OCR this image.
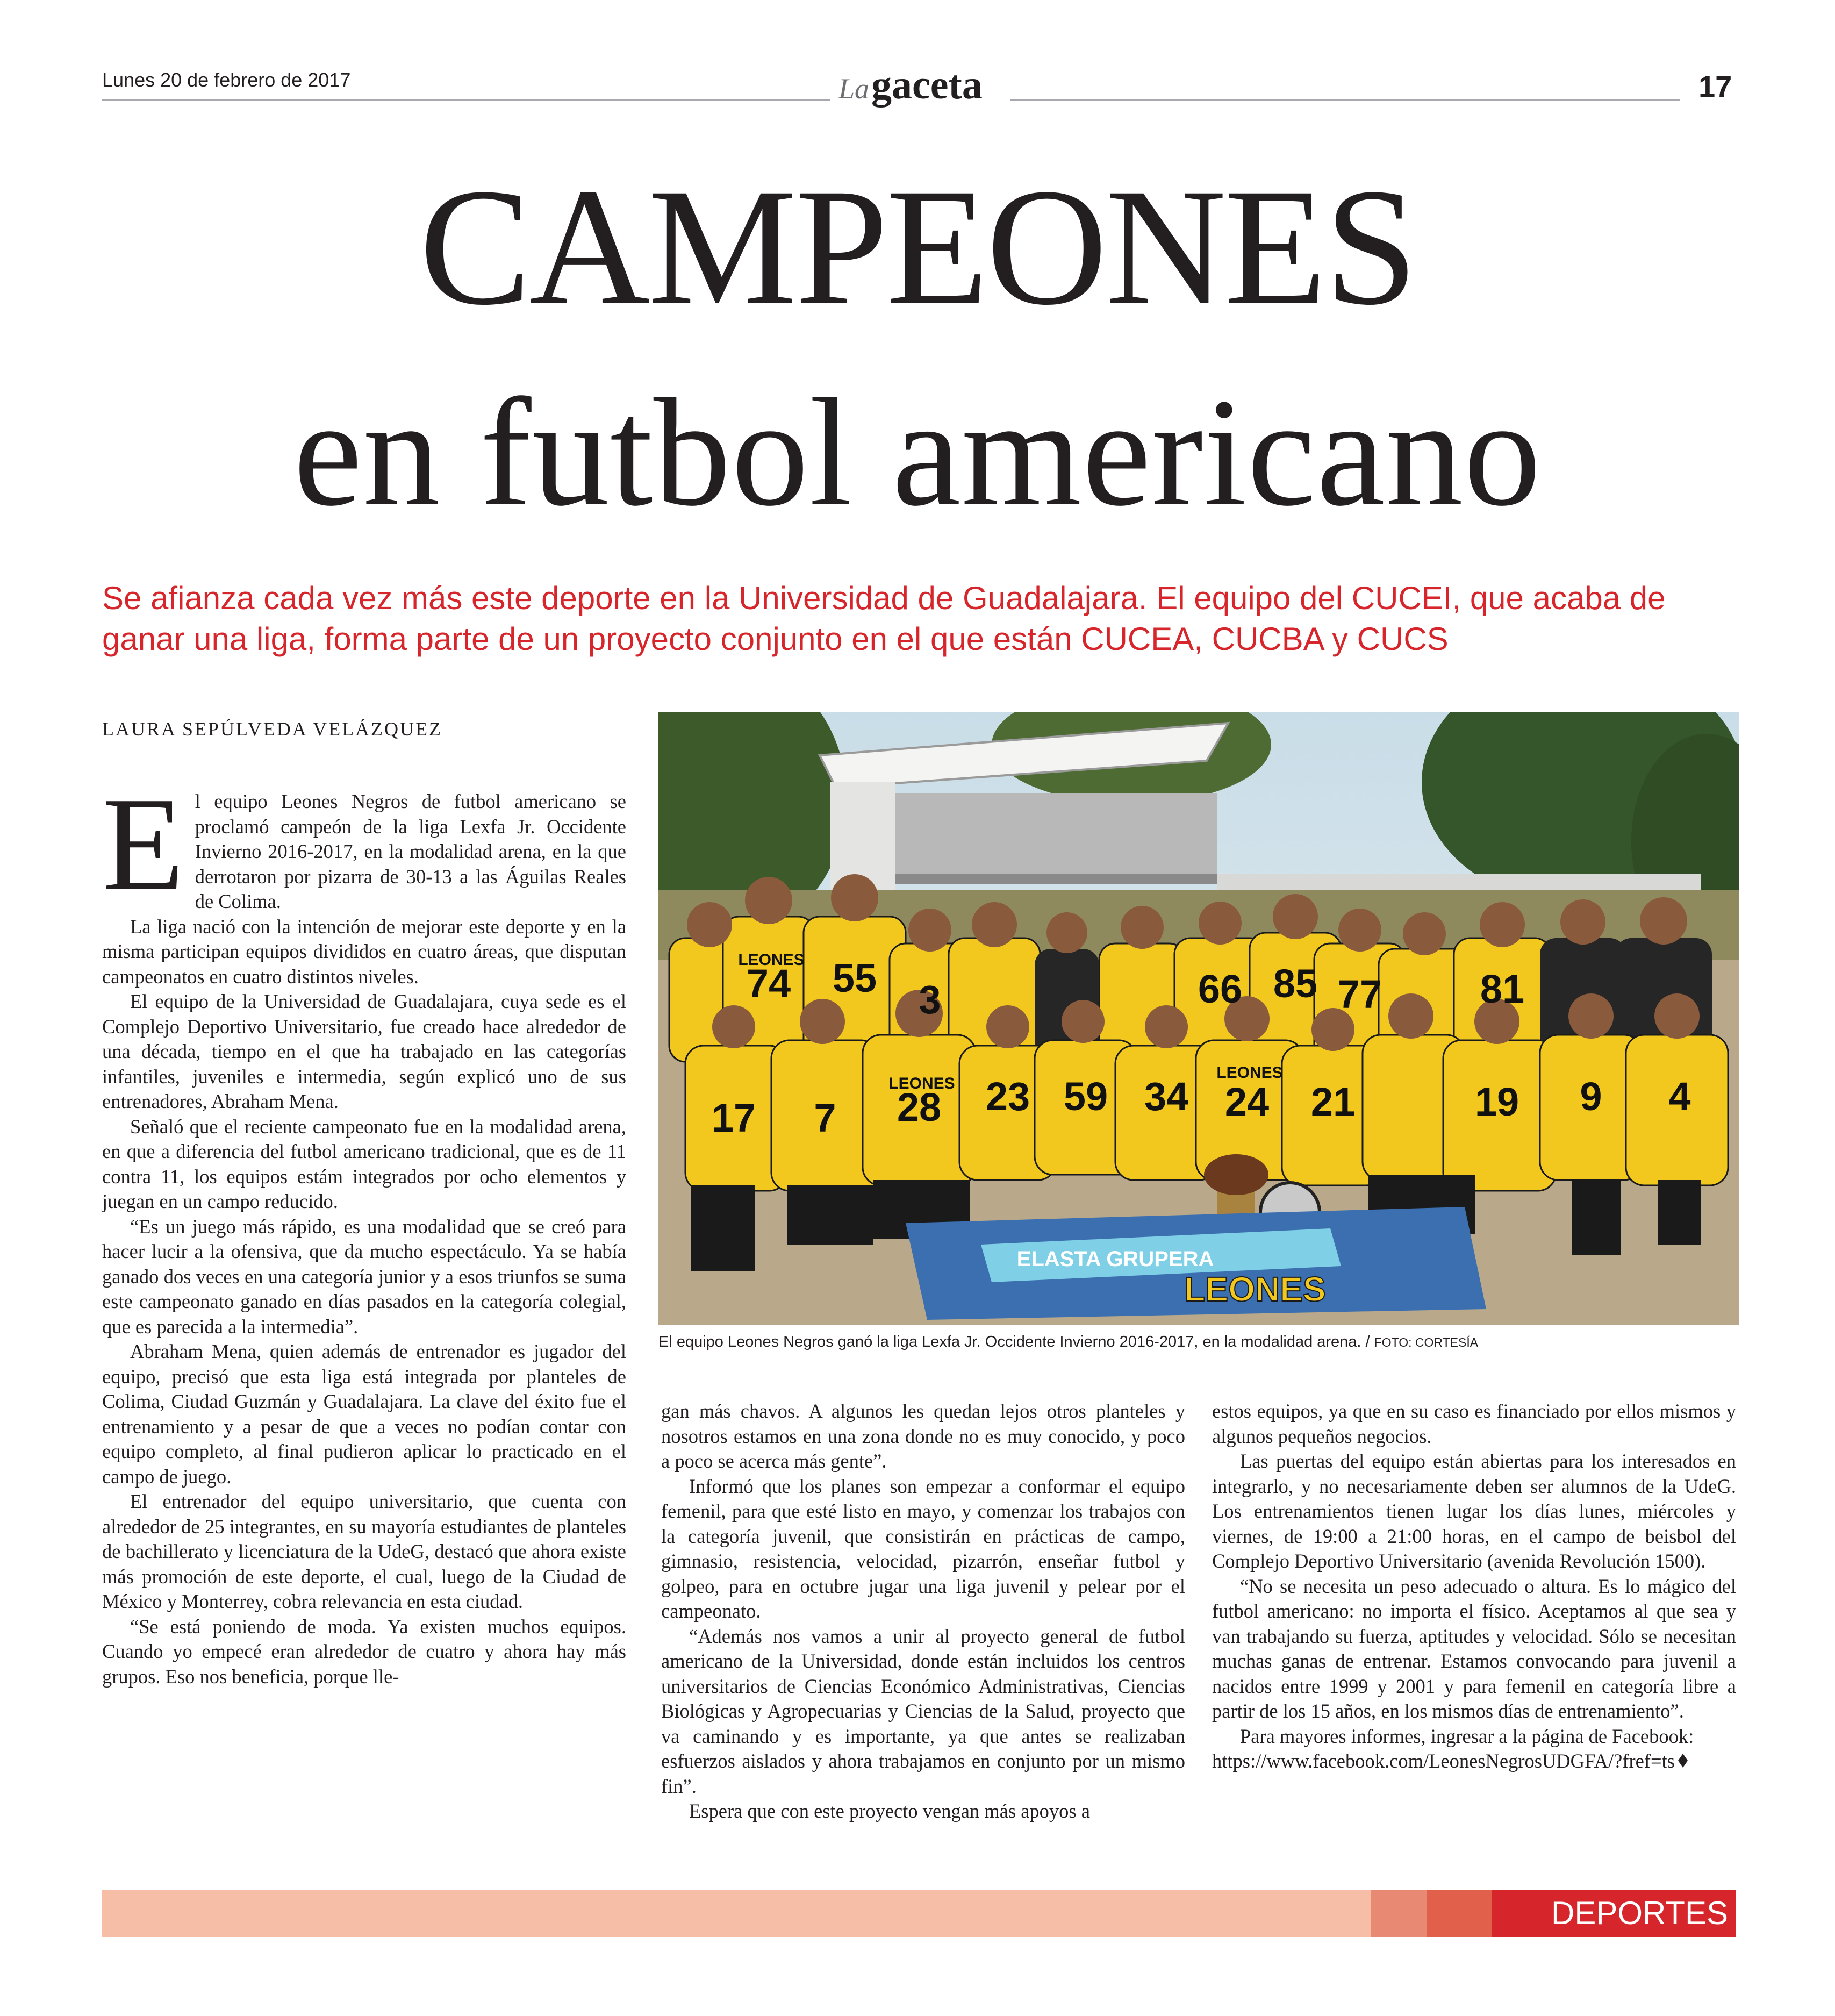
Lunes 20 de febrero de 2017	La gaceta	17
CAMPEONES
en futbol americano
Se afianza cada vez más este deporte en la Universidad de Guadalajara. El equipo del CUCEI, que acaba de ganar una liga, forma parte de un proyecto conjunto en el que están CUCEA, CUCBA y CUCS
LAURA SEPÚLVEDA VELÁZQUEZ
E l equipo Leones Negros de futbol americano se proclamó campeón de la liga Lexfa Jr. Occidente Invierno 2016-2017, en la modalidad arena, en la que derrotaron por pizarra de 30-13 a las Águilas Reales de Colima.

La liga nació con la intención de mejorar este deporte y en la misma participan equipos divididos en cuatro áreas, que disputan campeonatos en cuatro distintos niveles.

El equipo de la Universidad de Guadalajara, cuya sede es el Complejo Deportivo Universitario, fue creado hace alrededor de una década, tiempo en el que ha trabajado en las categorías infantiles, juveniles e intermedia, según explicó uno de sus entrenadores, Abraham Mena.

Señaló que el reciente campeonato fue en la modalidad arena, en que a diferencia del futbol americano tradicional, que es de 11 contra 11, los equipos estám integrados por ocho elementos y juegan en un campo reducido.

“Es un juego más rápido, es una modalidad que se creó para hacer lucir a la ofensiva, que da mucho espectáculo. Ya se había ganado dos veces en una categoría junior y a esos triunfos se suma este campeonato ganado en días pasados en la categoría colegial, que es parecida a la intermedia”.

Abraham Mena, quien además de entrenador es jugador del equipo, precisó que esta liga está integrada por planteles de Colima, Ciudad Guzmán y Guadalajara. La clave del éxito fue el entrenamiento y a pesar de que a veces no podían contar con equipo completo, al final pudieron aplicar lo practicado en el campo de juego.

El entrenador del equipo universitario, que cuenta con alrededor de 25 integrantes, en su mayoría estudiantes de planteles de bachillerato y licenciatura de la UdeG, destacó que ahora existe más promoción de este deporte, el cual, luego de la Ciudad de México y Monterrey, cobra relevancia en esta ciudad.

“Se está poniendo de moda. Ya existen muchos equipos. Cuando yo empecé eran alrededor de cuatro y ahora hay más grupos. Eso nos beneficia, porque lle-

74 55 3	66 85 77 81
17 7 28 23 59 34 24 21	19 9 4
LEONES
LEONES
LEONES
ELASTA GRUPERA
LEONES
El equipo Leones Negros ganó la liga Lexfa Jr. Occidente Invierno 2016-2017, en la modalidad arena. / FOTO: CORTESÍA

gan más chavos. A algunos les quedan lejos otros planteles y nosotros estamos en una zona donde no es muy conocido, y poco a poco se acerca más gente”.

Informó que los planes son empezar a conformar el equipo femenil, para que esté listo en mayo, y comenzar los trabajos con la categoría juvenil, que consistirán en prácticas de campo, gimnasio, resistencia, velocidad, pizarrón, enseñar futbol y golpeo, para en octubre jugar una liga juvenil y pelear por el campeonato.

“Además nos vamos a unir al proyecto general de futbol americano de la Universidad, donde están incluidos los centros universitarios de Ciencias Económico Administrativas, Ciencias Biológicas y Agropecuarias y Ciencias de la Salud, proyecto que va caminando y es importante, ya que antes se realizaban esfuerzos aislados y ahora trabajamos en conjunto por un mismo fin”.

Espera que con este proyecto vengan más apoyos a

estos equipos, ya que en su caso es financiado por ellos mismos y algunos pequeños negocios.

Las puertas del equipo están abiertas para los interesados en integrarlo, y no necesariamente deben ser alumnos de la UdeG. Los entrenamientos tienen lugar los días lunes, miércoles y viernes, de 19:00 a 21:00 horas, en el campo de beisbol del Complejo Deportivo Universitario (avenida Revolución 1500).

“No se necesita un peso adecuado o altura. Es lo mágico del futbol americano: no importa el físico. Aceptamos al que sea y van trabajando su fuerza, aptitudes y velocidad. Sólo se necesitan muchas ganas de entrenar. Estamos convocando para juvenil a nacidos entre 1999 y 2001 y para femenil en categoría libre a partir de los 15 años, en los mismos días de entrenamiento”.

Para mayores informes, ingresar a la página de Facebook:

https://www.facebook.com/LeonesNegrosUDGFA/?fref=ts

DEPORTES
